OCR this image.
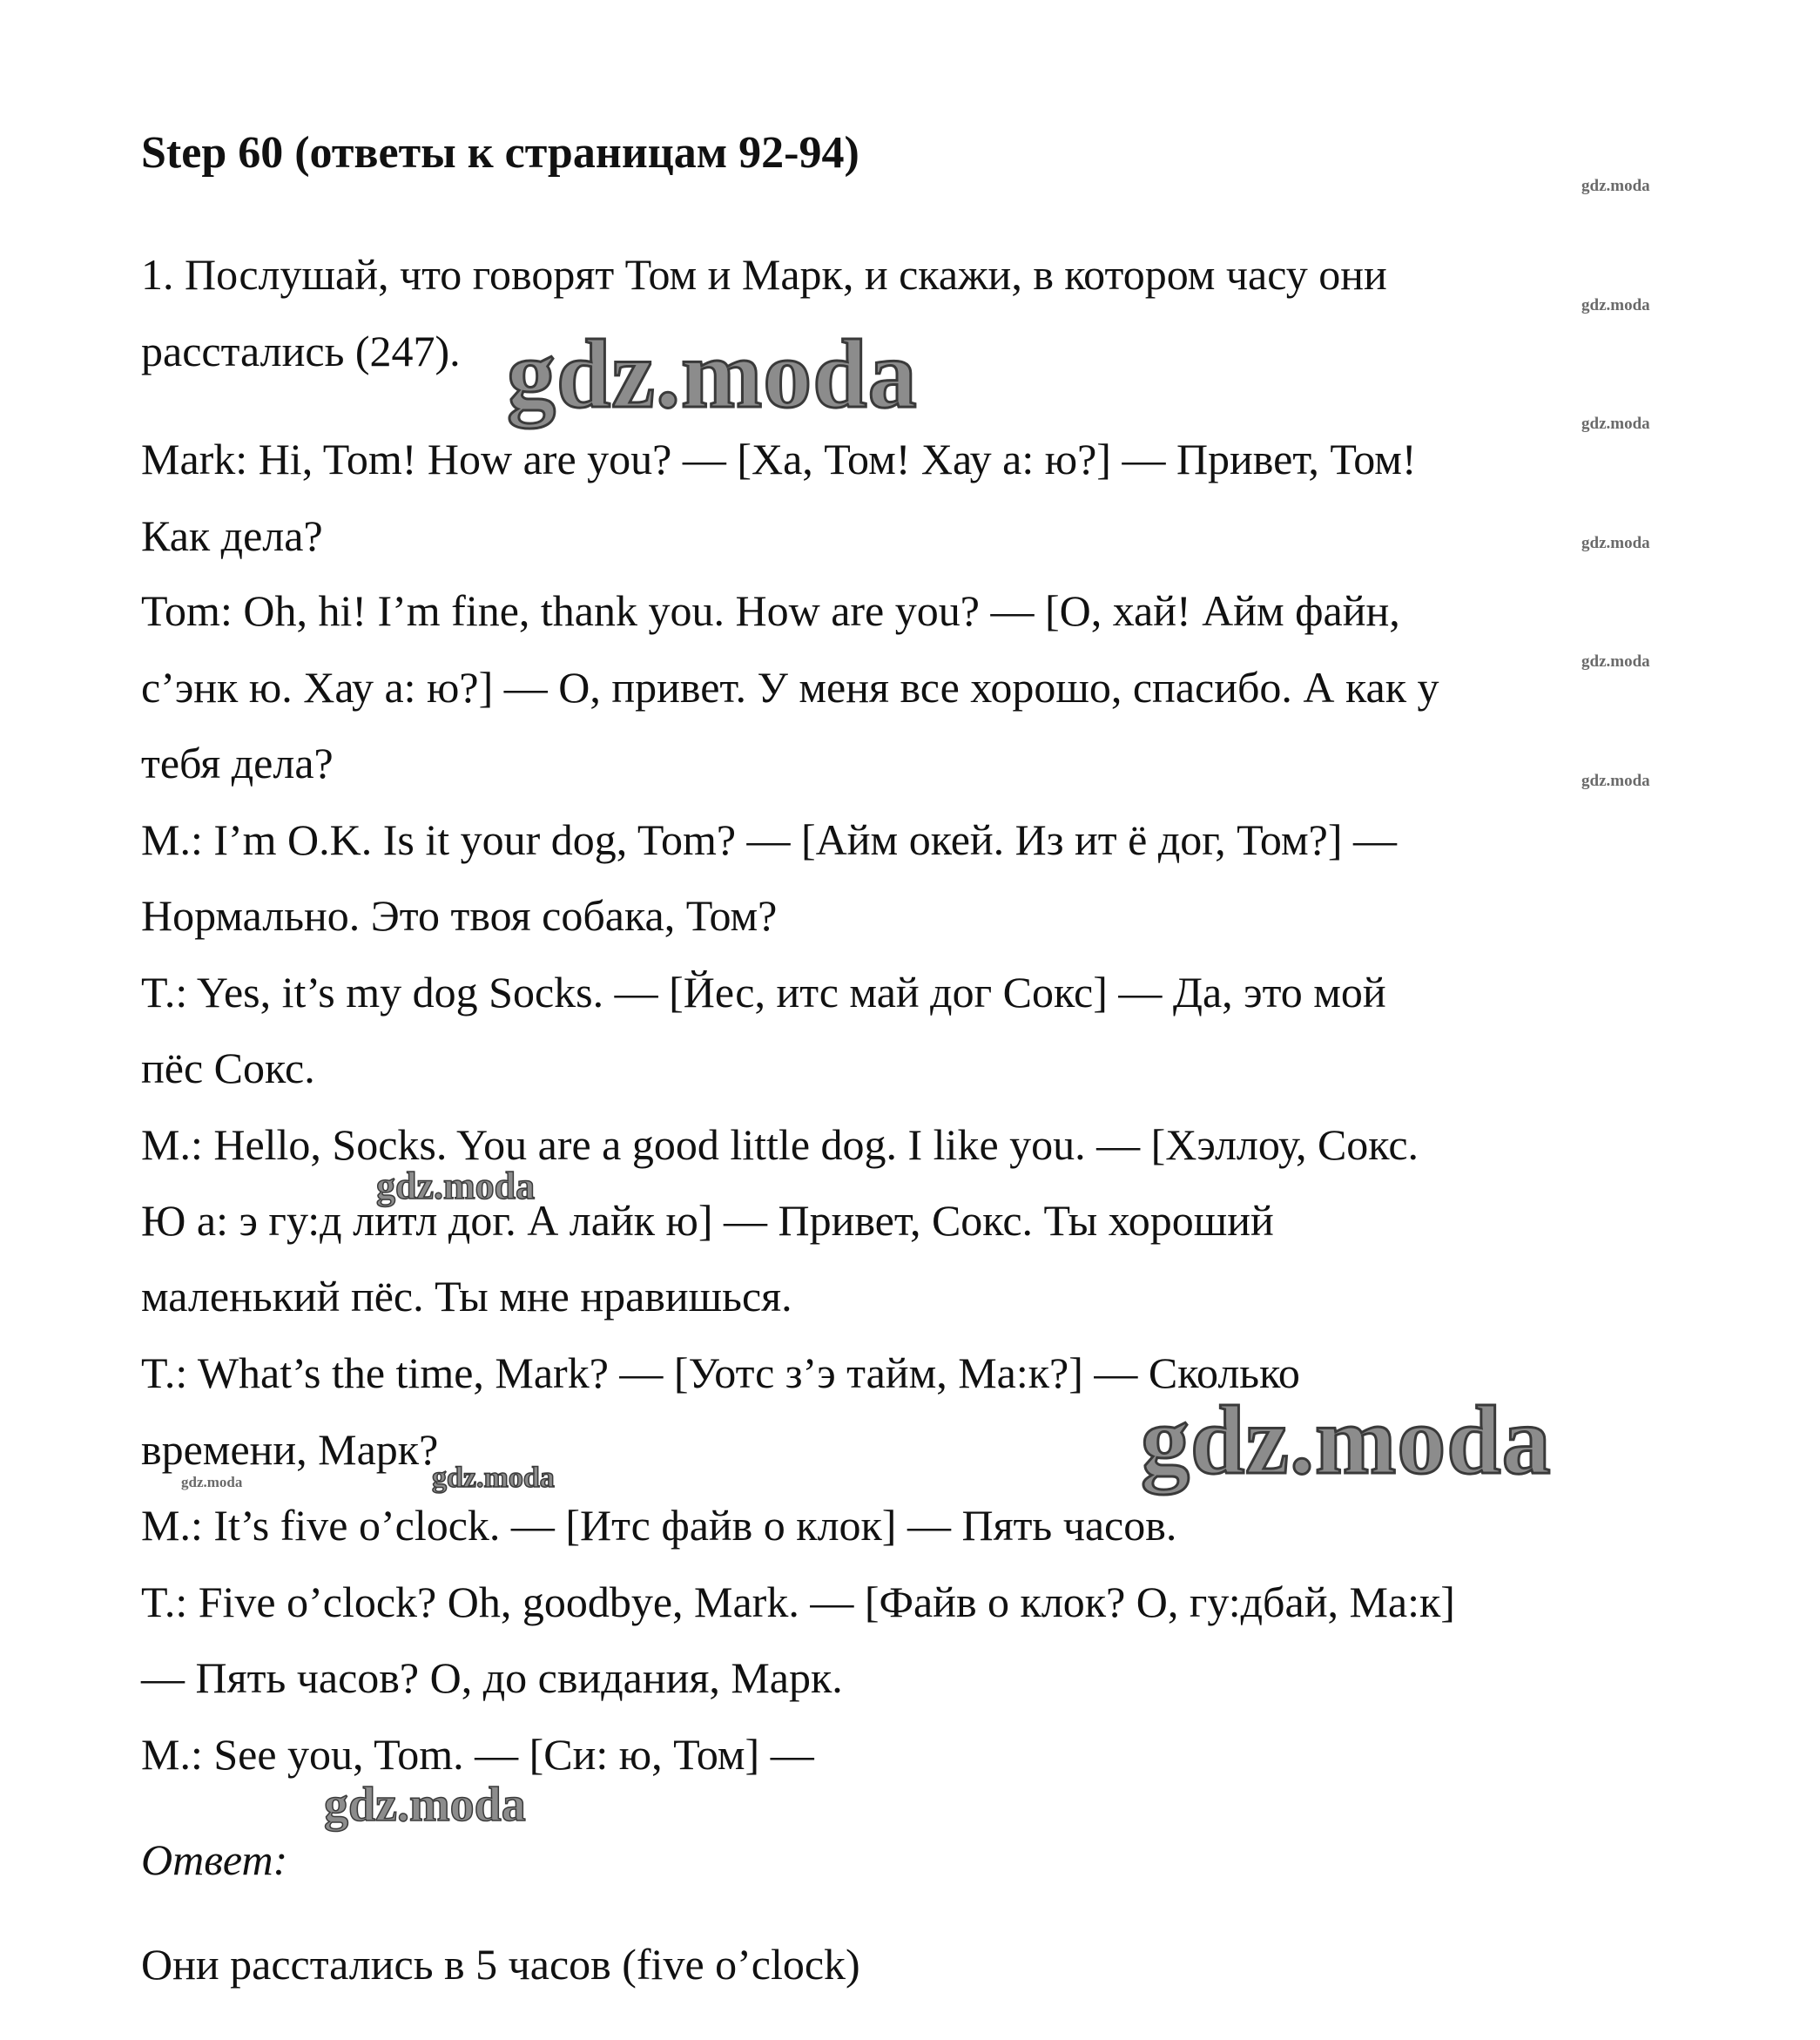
Step 60 (ответы к страницам 92-94)
1. Послушай, что говорят Том и Марк, и скажи, в котором часу они
расстались (247).
Mark: Hi, Tom! How are you? — [Ха, Том! Хау а: ю?] — Привет, Том!
Как дела?
Tom: Oh, hi! I’m fine, thank you. How are you? — [О, хай! Айм файн,
с’энк ю. Хау а: ю?] — О, привет. У меня все хорошо, спасибо. А как у
тебя дела?
M.: I’m O.K. Is it your dog, Tom? — [Айм окей. Из ит ё дог, Том?] —
Нормально. Это твоя собака, Том?
T.: Yes, it’s my dog Socks. — [Йес, итс май дог Сокс] — Да, это мой
пёс Сокс.
M.: Hello, Socks. You are a good little dog. I like you. — [Хэллоу, Сокс.
Ю а: э гу:д литл дог. А лайк ю] — Привет, Сокс. Ты хороший
маленький пёс. Ты мне нравишься.
T.: What’s the time, Mark? — [Уотс з’э тайм, Ма:к?] — Сколько
времени, Марк?
M.: It’s five o’clock. — [Итс файв о клок] — Пять часов.
T.: Five o’clock? Oh, goodbye, Mark. — [Файв о клок? О, гу:дбай, Ма:к]
— Пять часов? О, до свидания, Марк.
M.: See you, Tom. — [Си: ю, Том] —
Ответ:
Они расстались в 5 часов (five o’clock)
gdz.moda
gdz.moda
gdz.moda
gdz.moda
gdz.moda
gdz.moda
gdz.moda
gdz.moda
gdz.moda
gdz.moda
gdz.moda
gdz.moda
